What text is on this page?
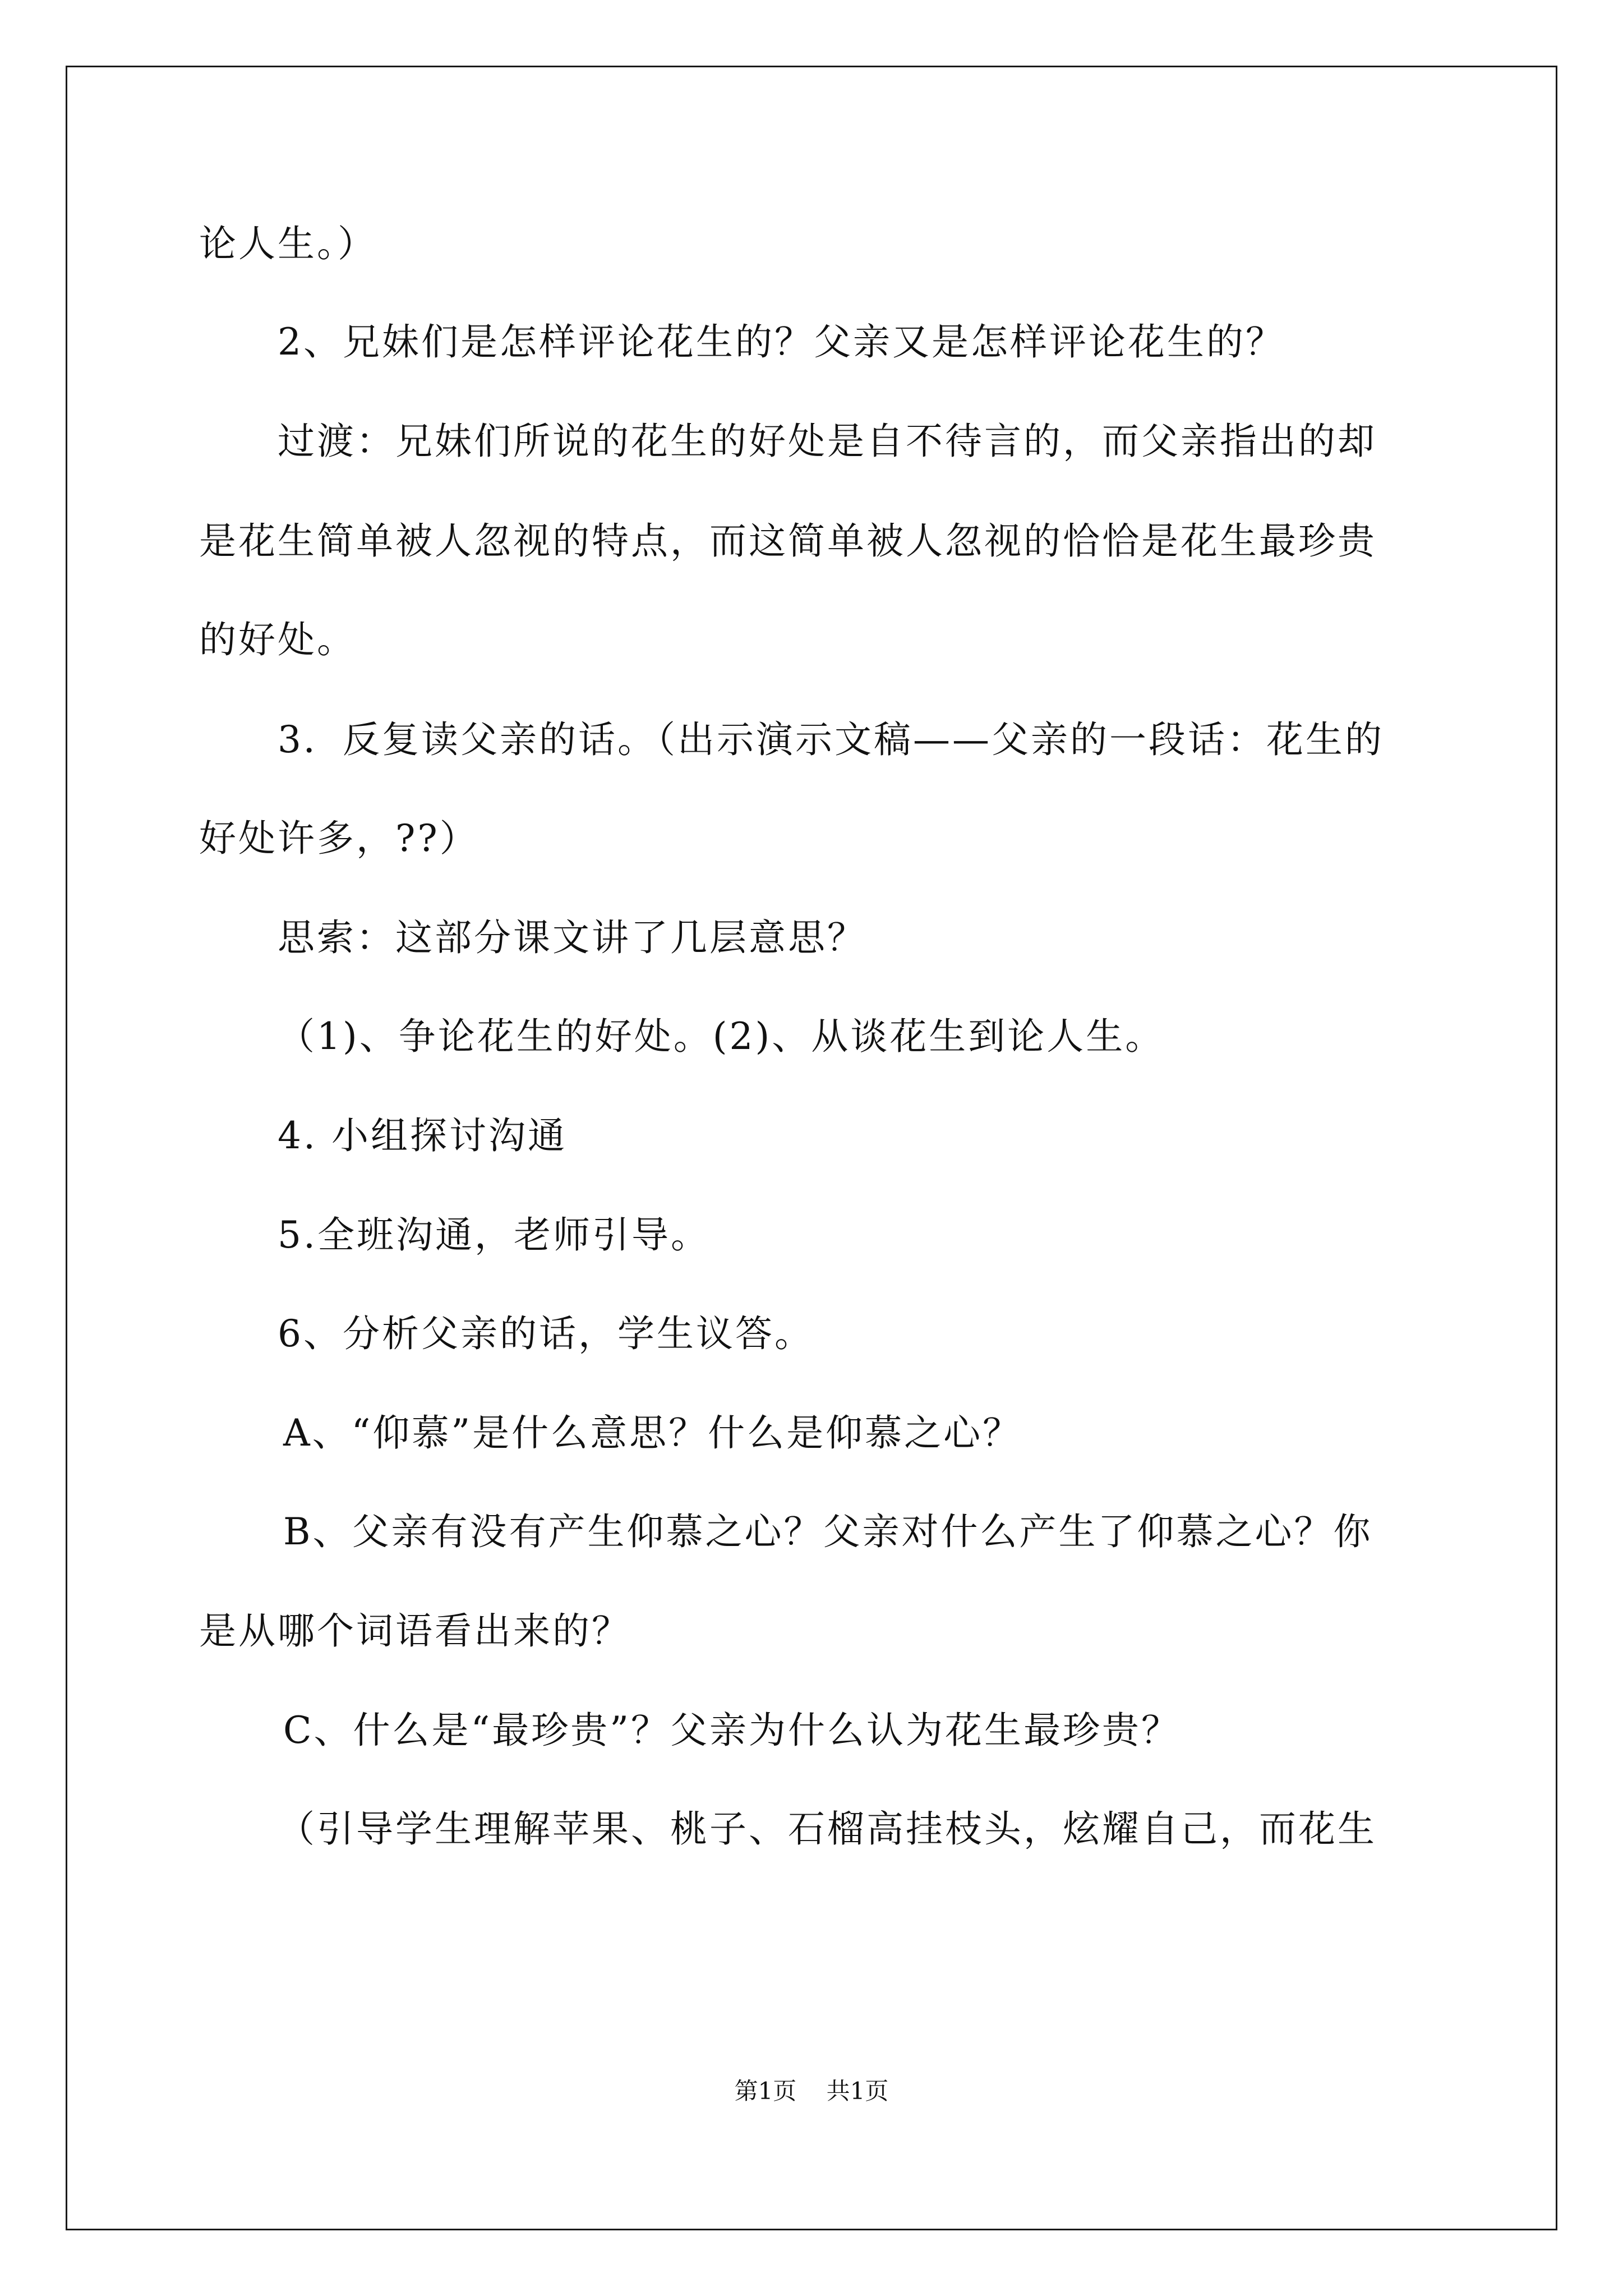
论人生。）
2、兄妹们是怎样评论花生的？父亲又是怎样评论花生的？
过渡：兄妹们所说的花生的好处是自不待言的，而父亲指出的却
是花生简单被人忽视的特点，而这简单被人忽视的恰恰是花生最珍贵
的好处。
3．反复读父亲的话。（出示演示文稿——父亲的一段话：花生的
好处许多，??）
思索：这部分课文讲了几层意思？
（1)、争论花生的好处。(2)、从谈花生到论人生。
4. 小组探讨沟通
5.全班沟通，老师引导。
6、分析父亲的话，学生议答。
A、“仰慕”是什么意思？什么是仰慕之心？
B、父亲有没有产生仰慕之心？父亲对什么产生了仰慕之心？你
是从哪个词语看出来的？
C、什么是“最珍贵”？父亲为什么认为花生最珍贵？
（引导学生理解苹果、桃子、石榴高挂枝头，炫耀自己，而花生
第1页 共1页
